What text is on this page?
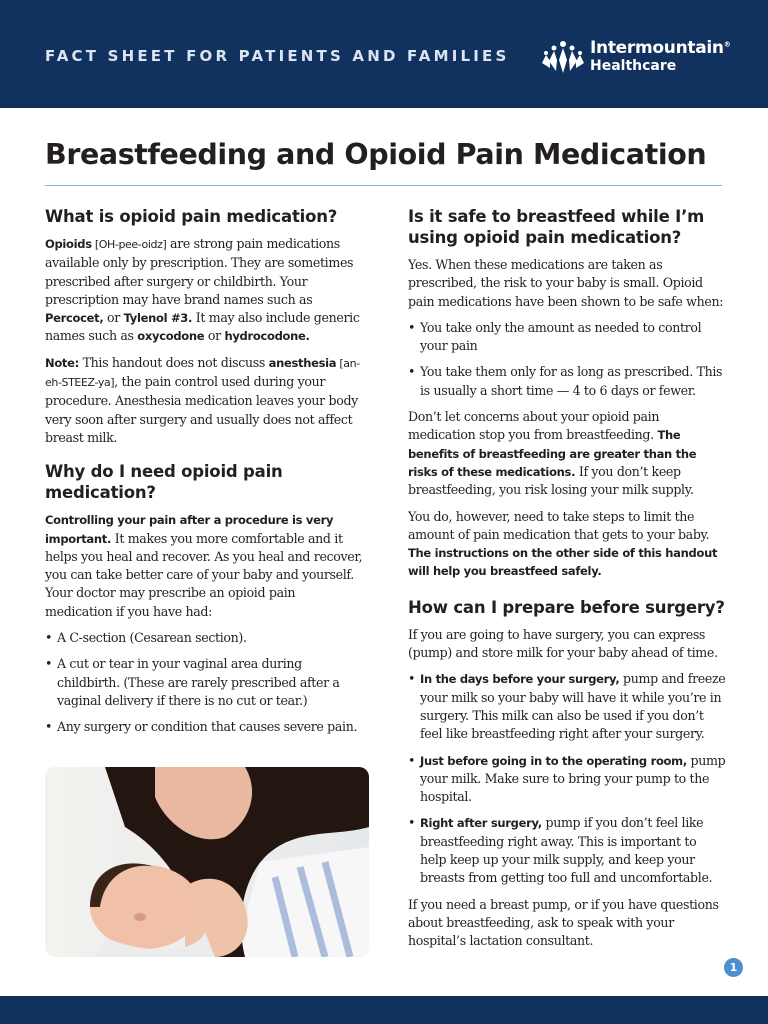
FACT SHEET FOR PATIENTS AND FAMILIES	Intermountain®
Healthcare
Breastfeeding and Opioid Pain Medication
What is opioid pain medication?

Opioids [OH-pee-oidz] are strong pain medications available only by prescription. They are sometimes prescribed after surgery or childbirth. Your prescription may have brand names such as Percocet, or Tylenol #3. It may also include generic names such as oxycodone or hydrocodone.

Note: This handout does not discuss anesthesia [an-eh-STEEZ-ya], the pain control used during your procedure. Anesthesia medication leaves your body very soon after surgery and usually does not affect breast milk.

Why do I need opioid pain medication?

Controlling your pain after a procedure is very important. It makes you more comfortable and it helps you heal and recover. As you heal and recover, you can take better care of your baby and yourself. Your doctor may prescribe an opioid pain medication if you have had:

• A C-section (Cesarean section).
• A cut or tear in your vaginal area during childbirth. (These are rarely prescribed after a vaginal delivery if there is no cut or tear.)
• Any surgery or condition that causes severe pain.
Is it safe to breastfeed while I’m using opioid pain medication?

Yes. When these medications are taken as prescribed, the risk to your baby is small. Opioid pain medications have been shown to be safe when:

• You take only the amount as needed to control your pain
• You take them only for as long as prescribed. This is usually a short time — 4 to 6 days or fewer.

Don’t let concerns about your opioid pain medication stop you from breastfeeding. The benefits of breastfeeding are greater than the risks of these medications. If you don’t keep breastfeeding, you risk losing your milk supply.

You do, however, need to take steps to limit the amount of pain medication that gets to your baby. The instructions on the other side of this handout will help you breastfeed safely.

How can I prepare before surgery?

If you are going to have surgery, you can express (pump) and store milk for your baby ahead of time.

• In the days before your surgery, pump and freeze your milk so your baby will have it while you’re in surgery. This milk can also be used if you don’t feel like breastfeeding right after your surgery.
• Just before going in to the operating room, pump your milk. Make sure to bring your pump to the hospital.
• Right after surgery, pump if you don’t feel like breastfeeding right away. This is important to help keep up your milk supply, and keep your breasts from getting too full and uncomfortable.

If you need a breast pump, or if you have questions about breastfeeding, ask to speak with your hospital’s lactation consultant.

1
